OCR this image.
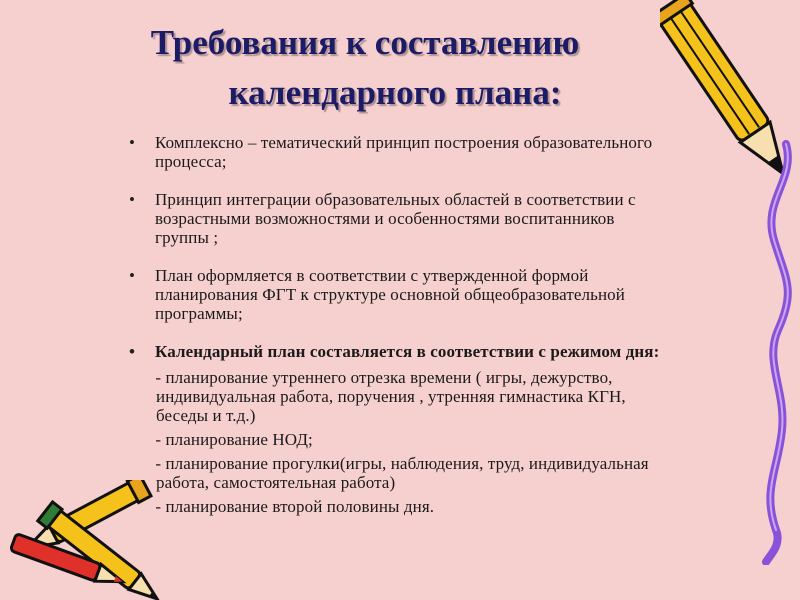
Требования к составлению
календарного плана:
• Комплексно – тематический принцип построения образовательного
процесса;
• Принцип интеграции образовательных областей в соответствии с
возрастными возможностями и особенностями воспитанников
группы ;
• План оформляется в соответствии с утвержденной формой
планирования ФГТ к структуре основной общеобразовательной
программы;
• Календарный план составляется в соответствии с режимом дня:
- планирование утреннего отрезка времени ( игры, дежурство,
индивидуальная работа, поручения , утренняя гимнастика КГН,
беседы и т.д.)
- планирование НОД;
- планирование прогулки(игры, наблюдения, труд, индивидуальная
работа, самостоятельная работа)
- планирование второй половины дня.
